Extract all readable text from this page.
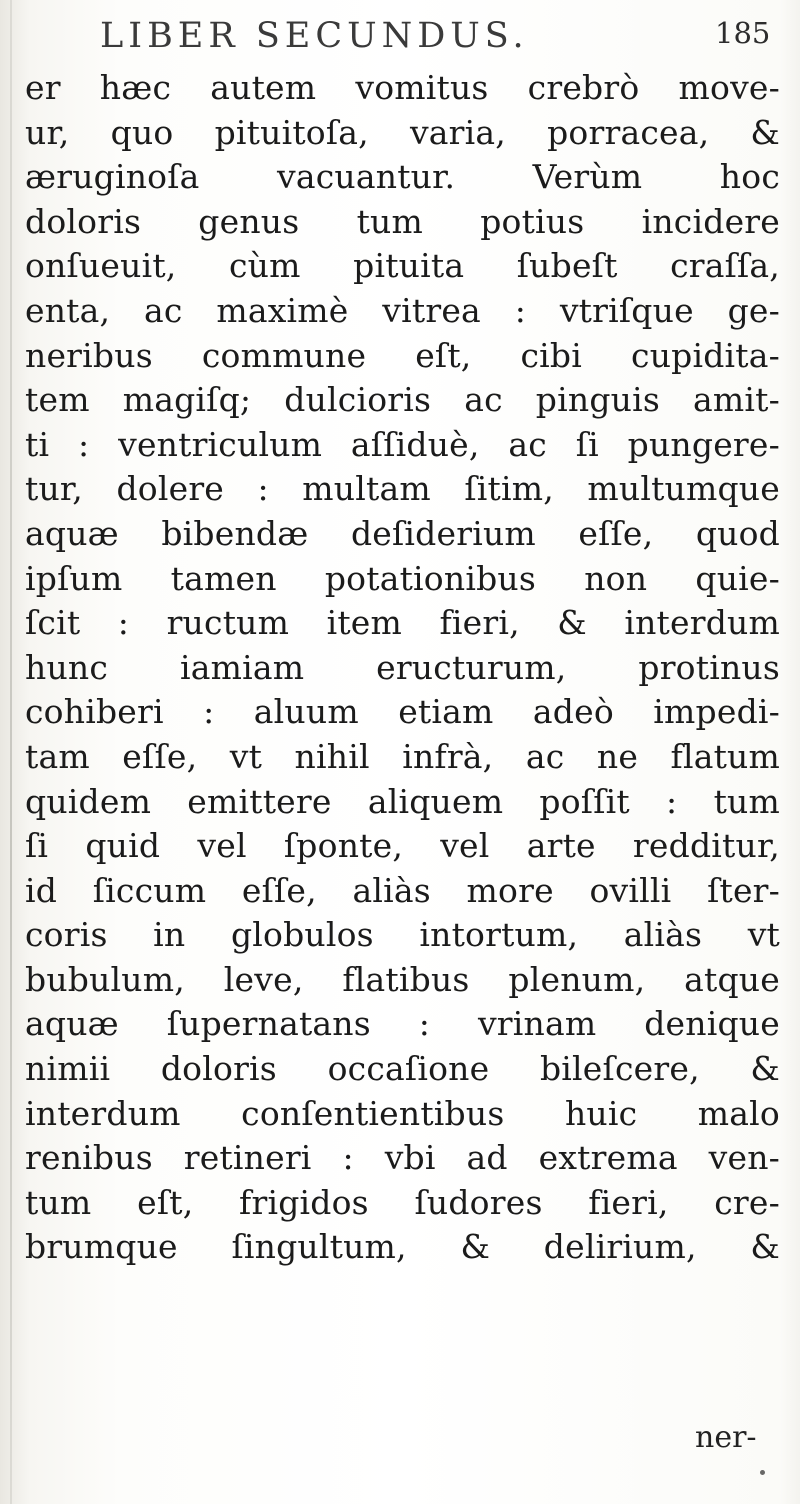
LIBER SECUNDUS.	185
er hæc autem vomitus crebrò move-
ur, quo pituitoſa, varia, porracea, &
æruginoſa vacuantur. Verùm hoc
doloris genus tum potius incidere
onſueuit, cùm pituita ſubeſt craſſa,
enta, ac maximè vitrea : vtriſque ge-
neribus commune eſt, cibi cupidita-
tem magiſq; dulcioris ac pinguis amit-
ti : ventriculum aſſiduè, ac ſi pungere-
tur, dolere : multam ſitim, multumque
aquæ bibendæ deſiderium eſſe, quod
ipſum tamen potationibus non quie-
ſcit : ructum item fieri, & interdum
hunc iamiam eructurum, protinus
cohiberi : aluum etiam adeò impedi-
tam eſſe, vt nihil infrà, ac ne flatum
quidem emittere aliquem poſſit : tum
ſi quid vel ſponte, vel arte redditur,
id ſiccum eſſe, aliàs more ovilli ſter-
coris in globulos intortum, aliàs vt
bubulum, leve, flatibus plenum, atque
aquæ ſupernatans : vrinam denique
nimii doloris occaſione bileſcere, &
interdum conſentientibus huic malo
renibus retineri : vbi ad extrema ven-
tum eſt, frigidos ſudores fieri, cre-
brumque ſingultum, & delirium, &
ner-
